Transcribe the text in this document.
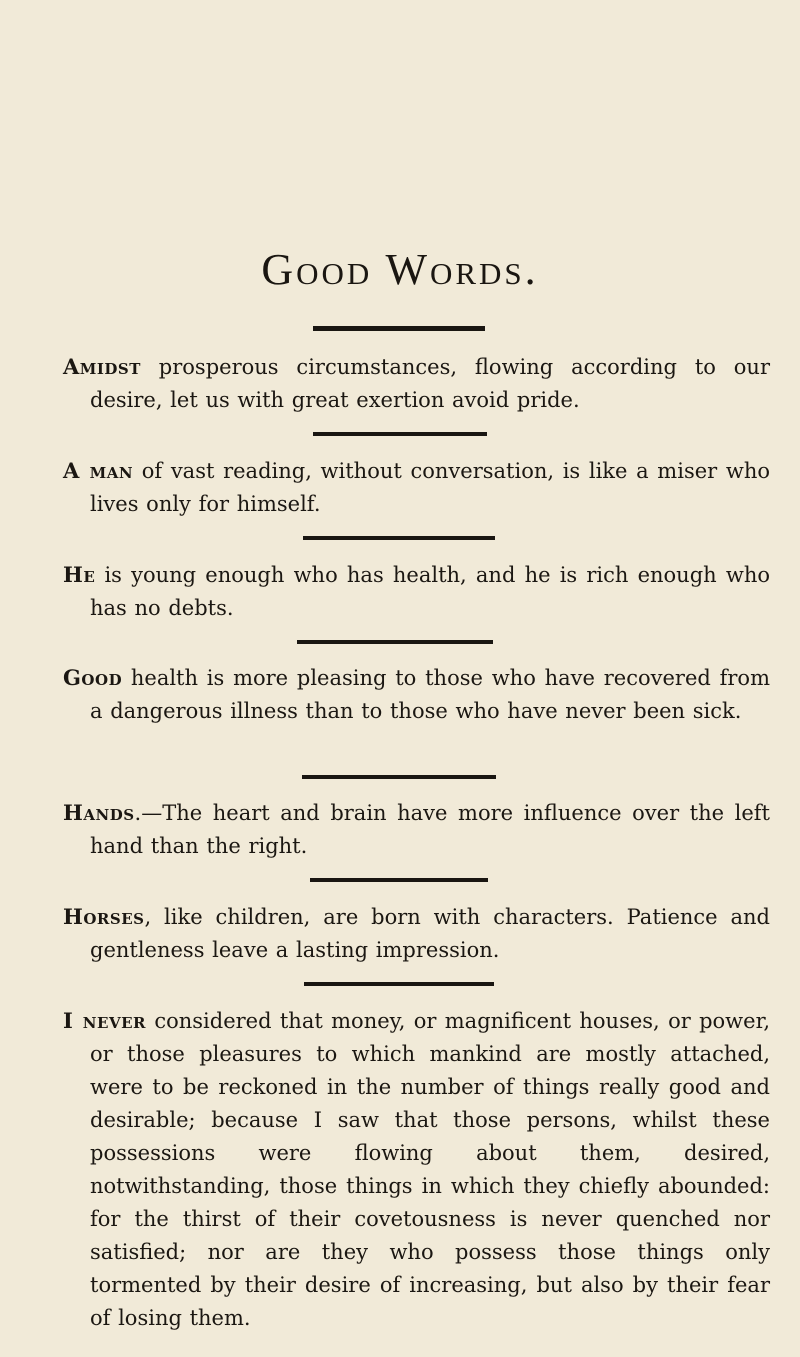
Good Words.

Amidst prosperous circumstances, flowing according to our desire, let us with great exertion avoid pride.

A man of vast reading, without conversation, is like a miser who lives only for himself.

He is young enough who has health, and he is rich enough who has no debts.

Good health is more pleasing to those who have recovered from a dangerous illness than to those who have never been sick.

Hands.—The heart and brain have more influence over the left hand than the right.

Horses, like children, are born with characters. Patience and gentleness leave a lasting impression.

I never considered that money, or magnificent houses, or power, or those pleasures to which mankind are mostly attached, were to be reckoned in the number of things really good and desirable; because I saw that those persons, whilst these possessions were flowing about them, desired, notwithstanding, those things in which they chiefly abounded: for the thirst of their covetousness is never quenched nor satisfied; nor are they who possess those things only tormented by their desire of increasing, but also by their fear of losing them.
